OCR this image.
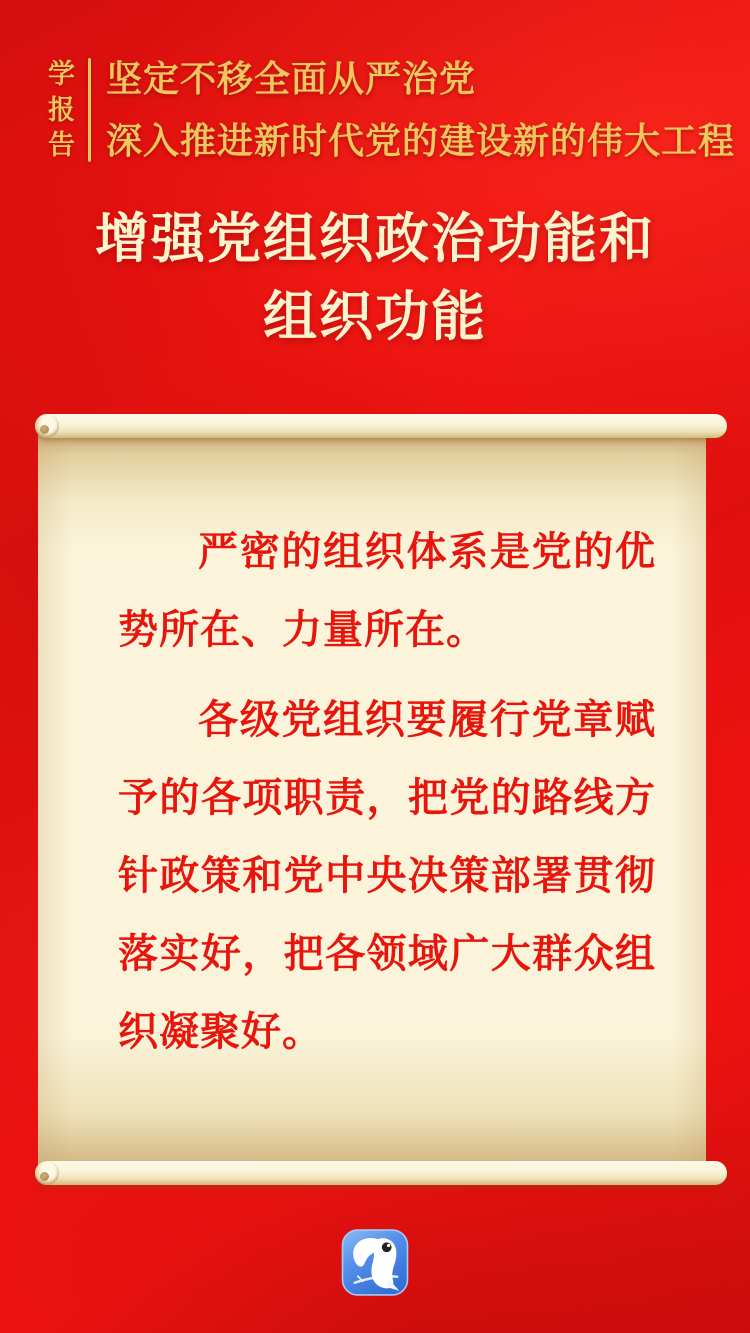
学
报
告
坚定不移全面从严治党
深入推进新时代党的建设新的伟大工程
增强党组织政治功能和
组织功能

严密的组织体系是党的优势所在、力量所在。

各级党组织要履行党章赋予的各项职责，把党的路线方针政策和党中央决策部署贯彻落实好，把各领域广大群众组织凝聚好。
